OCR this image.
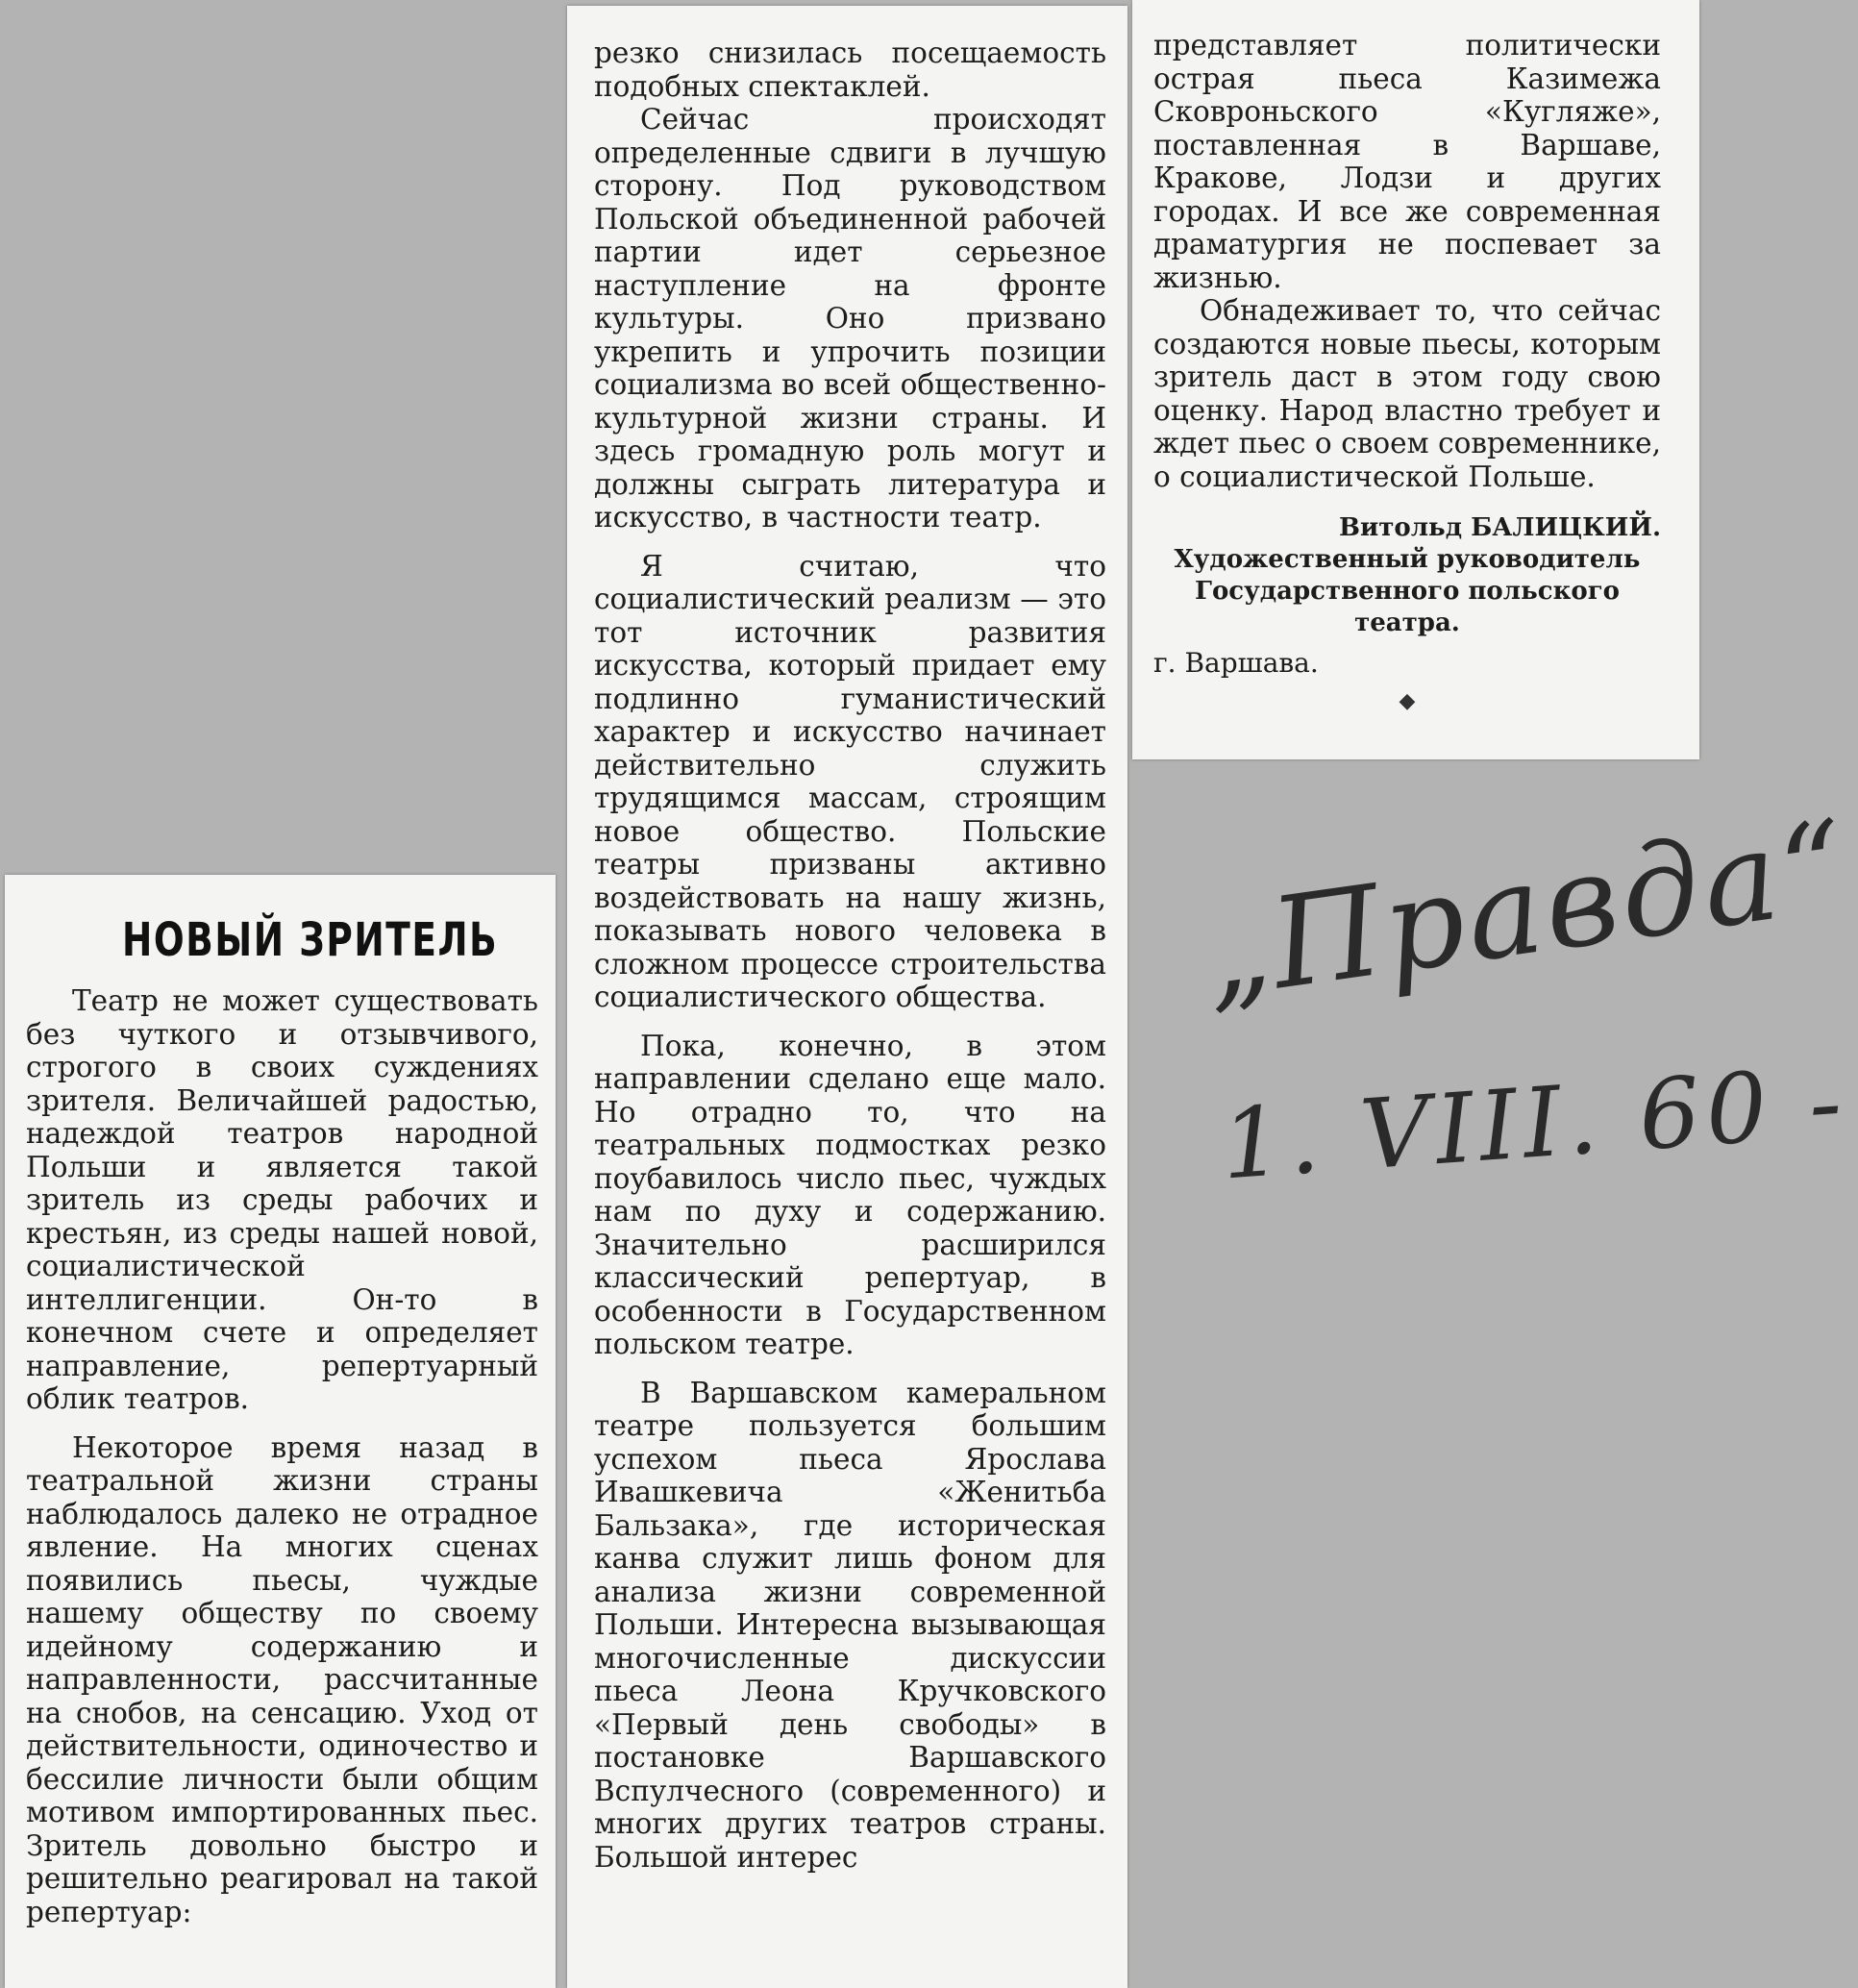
НОВЫЙ ЗРИТЕЛЬ

Театр не может существовать без чуткого и отзывчивого, строгого в своих суждениях зрителя. Величайшей радостью, надеждой театров народной Польши и является такой зритель из среды рабочих и крестьян, из среды нашей новой, социалистической интеллигенции. Он-то в конечном счете и определяет направление, репертуарный облик театров.

Некоторое время назад в театральной жизни страны наблюдалось далеко не отрадное явление. На многих сценах появились пьесы, чуждые нашему обществу по своему идейному содержанию и направленности, рассчитанные на снобов, на сенсацию. Уход от действительности, одиночество и бессилие личности были общим мотивом импортированных пьес. Зритель довольно быстро и решительно реагировал на такой репертуар:

резко снизилась посещаемость подобных спектаклей.

Сейчас происходят определенные сдвиги в лучшую сторону. Под руководством Польской объединенной рабочей партии идет серьезное наступление на фронте культуры. Оно призвано укрепить и упрочить позиции социализма во всей общественно-культурной жизни страны. И здесь громадную роль могут и должны сыграть литература и искусство, в частности театр.

Я считаю, что социалистический реализм — это тот источник развития искусства, который придает ему подлинно гуманистический характер и искусство начинает действительно служить трудящимся массам, строящим новое общество. Польские театры призваны активно воздействовать на нашу жизнь, показывать нового человека в сложном процессе строительства социалистического общества.

Пока, конечно, в этом направлении сделано еще мало. Но отрадно то, что на театральных подмостках резко поубавилось число пьес, чуждых нам по духу и содержанию. Значительно расширился классический репертуар, в особенности в Государственном польском театре.

В Варшавском камеральном театре пользуется большим успехом пьеса Ярослава Ивашкевича «Женитьба Бальзака», где историческая канва служит лишь фоном для анализа жизни современной Польши. Интересна вызывающая многочисленные дискуссии пьеса Леона Кручковского «Первый день свободы» в постановке Варшавского Вспулчесного (современного) и многих других театров страны. Большой интерес

представляет политически острая пьеса Казимежа Сковроньского «Кугляже», поставленная в Варшаве, Кракове, Лодзи и других городах. И все же современная драматургия не поспевает за жизнью.

Обнадеживает то, что сейчас создаются новые пьесы, которым зритель даст в этом году свою оценку. Народ властно требует и ждет пьес о своем современнике, о социалистической Польше.

Витольд БАЛИЦКИЙ.
Художественный руководитель Государственного польского театра.
г. Варшава.
◆
„Правда“
1. VIII. 60 -
